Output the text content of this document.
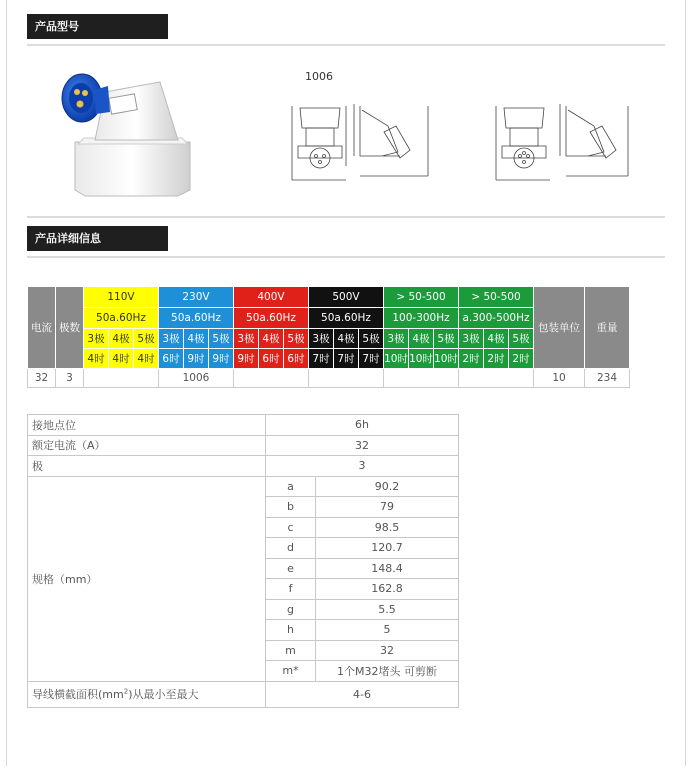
产品型号
1006
产品详细信息
电流	极数	110V			230V			400V			500V			> 50-500			> 50-500			包装单位	重量
		50a.60Hz			50a.60Hz			50a.60Hz			50a.60Hz			100-300Hz			a.300-500Hz				
		3极	4极	5极	3极	4极	5极	3极	4极	5极	3极	4极	5极	3极	4极	5极	3极	4极	5极		
		4时	4时	4时	6时	9时	9时	9时	6时	6时	7时	7时	7时	10时	10时	10时	2时	2时	2时		
32	3				1006															10	234
接地点位	6h	
额定电流（A）	32	
极	3	
规格（mm）	a	90.2
	b	79
	c	98.5
	d	120.7
	e	148.4
	f	162.8
	g	5.5
	h	5
	m	32
	m*	1个M32堵头 可剪断
导线横截面积$(mm^2)$从最小至最大	4-6	
